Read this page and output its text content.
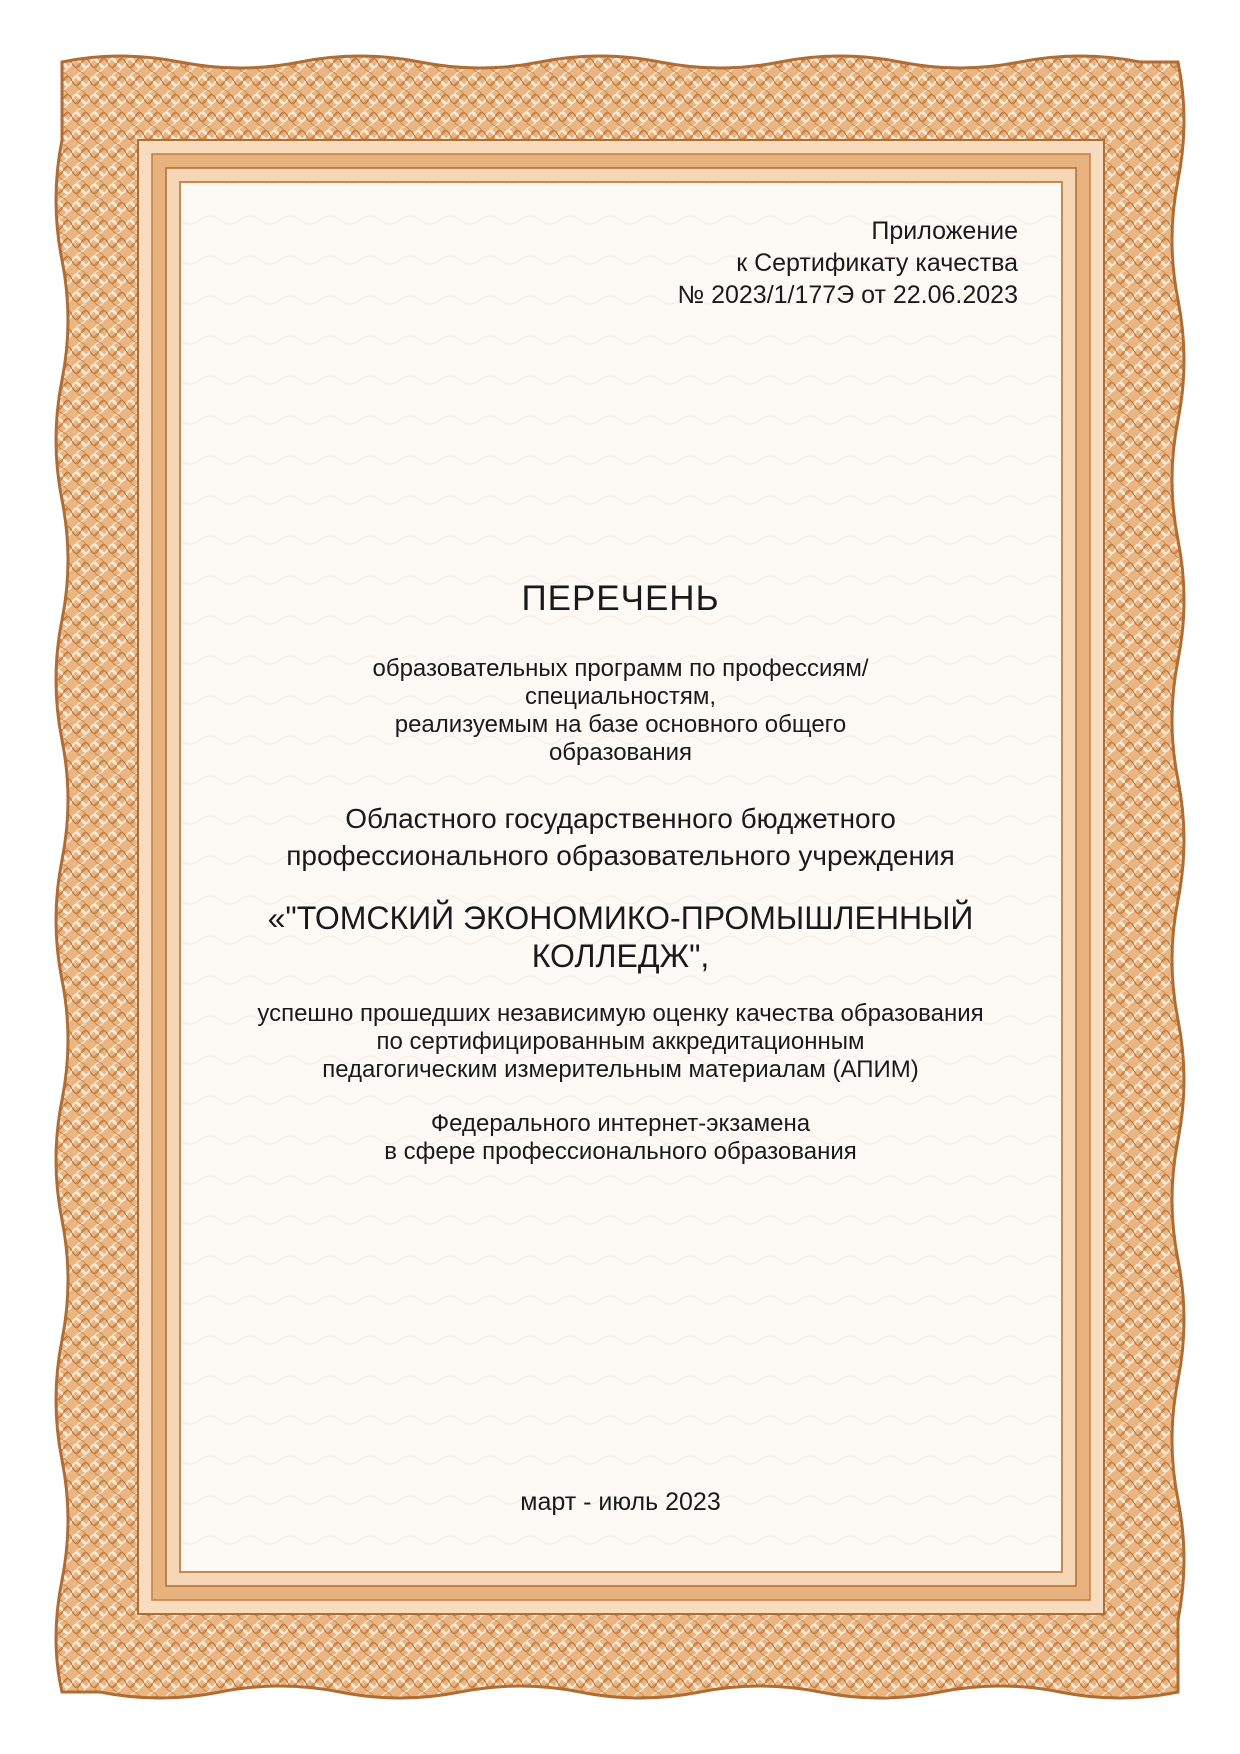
Приложение
к Сертификату качества
№ 2023/1/177Э от 22.06.2023
ПЕРЕЧЕНЬ
образовательных программ по профессиям/
специальностям,
реализуемым на базе основного общего
образования
Областного государственного бюджетного
профессионального образовательного учреждения
«"ТОМСКИЙ ЭКОНОМИКО-ПРОМЫШЛЕННЫЙ
КОЛЛЕДЖ",
успешно прошедших независимую оценку качества образования
по сертифицированным аккредитационным
педагогическим измерительным материалам (АПИМ)
Федерального интернет-экзамена
в сфере профессионального образования
март - июль 2023
